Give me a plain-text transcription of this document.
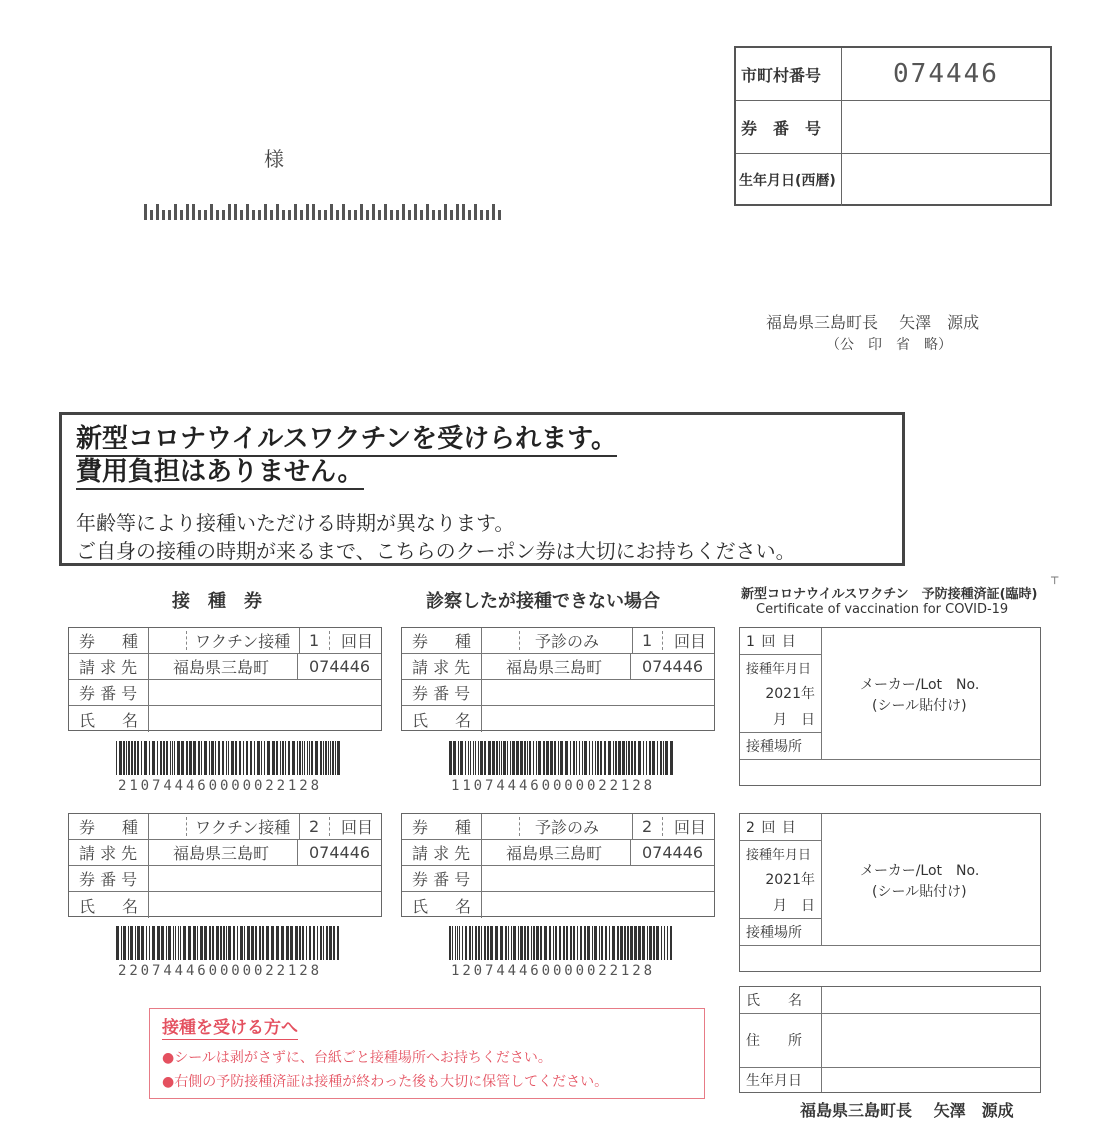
様
市町村番号	074446
券　番　号
生年月日(西暦)
福島県三島町長　 矢澤　源成
（公　印　省　略）
新型コロナウイルスワクチンを受けられます。
費用負担はありません。
年齢等により接種いただける時期が異なります。
ご自身の接種の時期が来るまで、こちらのクーポン券は大切にお持ちください。
接　種　券	診察したが接種できない場合	新型コロナウイルスワクチン　予防接種済証(臨時)
Certificate of vaccination for COVID-19
┬
券 種	ワクチン接種 1 回目
請 求 先	福島県三島町 074446
券 番 号
氏 名
210744460000022128
券 種	予診のみ	1 回目
請 求 先	福島県三島町 074446
券 番 号
氏 名
110744460000022128
券 種	ワクチン接種 2 回目
請 求 先	福島県三島町 074446
券 番 号
氏 名
220744460000022128
券 種	予診のみ	2 回目
請 求 先	福島県三島町 074446
券 番 号
氏 名
120744460000022128
1 回 目
接種年月日
2021年
月　日
接種場所
メーカー/Lot　No.
(シール貼付け)
2 回 目
接種年月日
2021年
月　日
接種場所
メーカー/Lot　No.
(シール貼付け)
氏　　名
住　　所
生年月日
福島県三島町長　 矢澤　源成
接種を受ける方へ
●シールは剥がさずに、台紙ごと接種場所へお持ちください。
●右側の予防接種済証は接種が終わった後も大切に保管してください。
